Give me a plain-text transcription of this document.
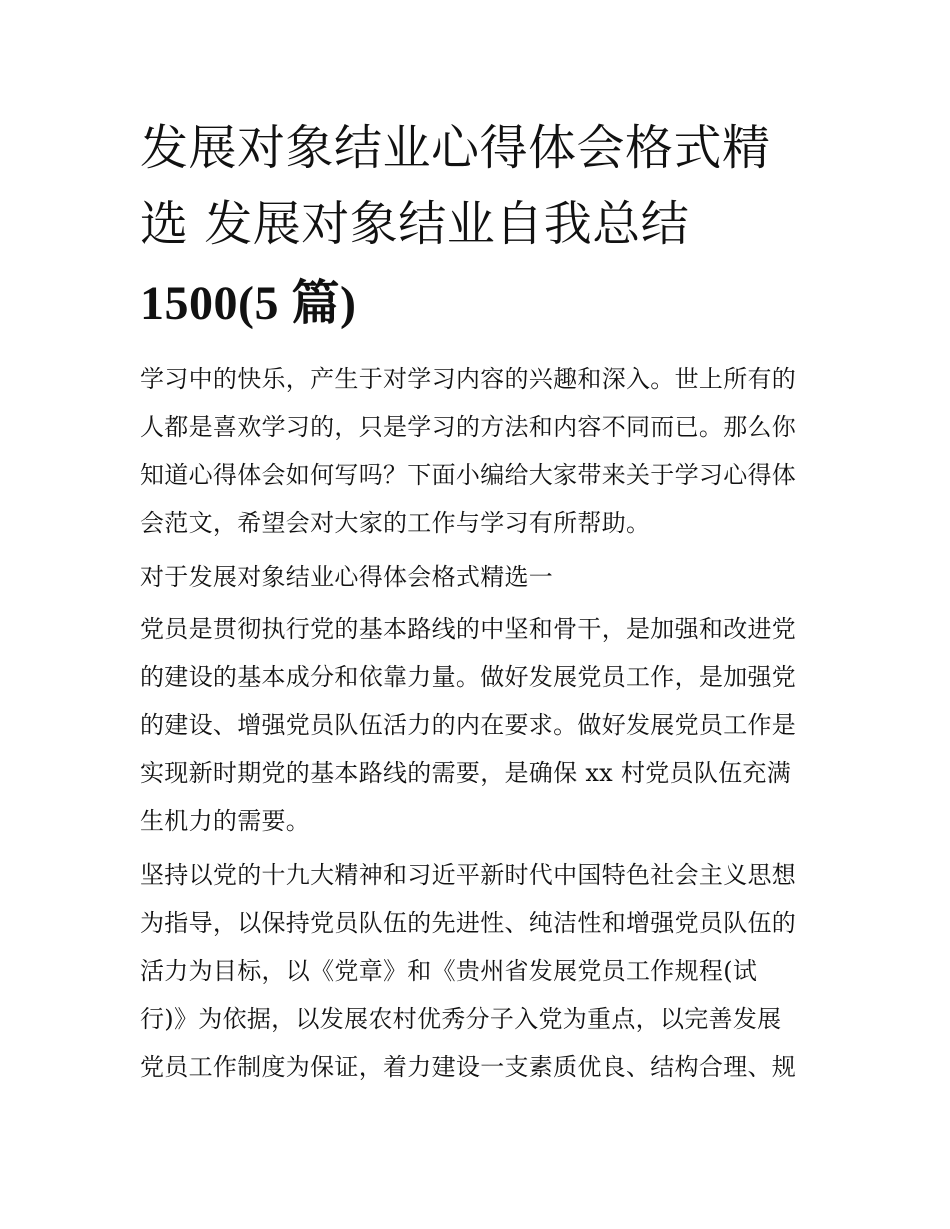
发展对象结业心得体会格式精
选 发展对象结业自我总结
1500(5 篇)
学习中的快乐，产生于对学习内容的兴趣和深入。世上所有的
人都是喜欢学习的，只是学习的方法和内容不同而已。那么你
知道心得体会如何写吗？下面小编给大家带来关于学习心得体
会范文，希望会对大家的工作与学习有所帮助。
对于发展对象结业心得体会格式精选一
党员是贯彻执行党的基本路线的中坚和骨干，是加强和改进党
的建设的基本成分和依靠力量。做好发展党员工作，是加强党
的建设、增强党员队伍活力的内在要求。做好发展党员工作是
实现新时期党的基本路线的需要，是确保 xx 村党员队伍充满
生机力的需要。
坚持以党的十九大精神和习近平新时代中国特色社会主义思想
为指导，以保持党员队伍的先进性、纯洁性和增强党员队伍的
活力为目标，以《党章》和《贵州省发展党员工作规程(试
行)》为依据，以发展农村优秀分子入党为重点，以完善发展
党员工作制度为保证，着力建设一支素质优良、结构合理、规
